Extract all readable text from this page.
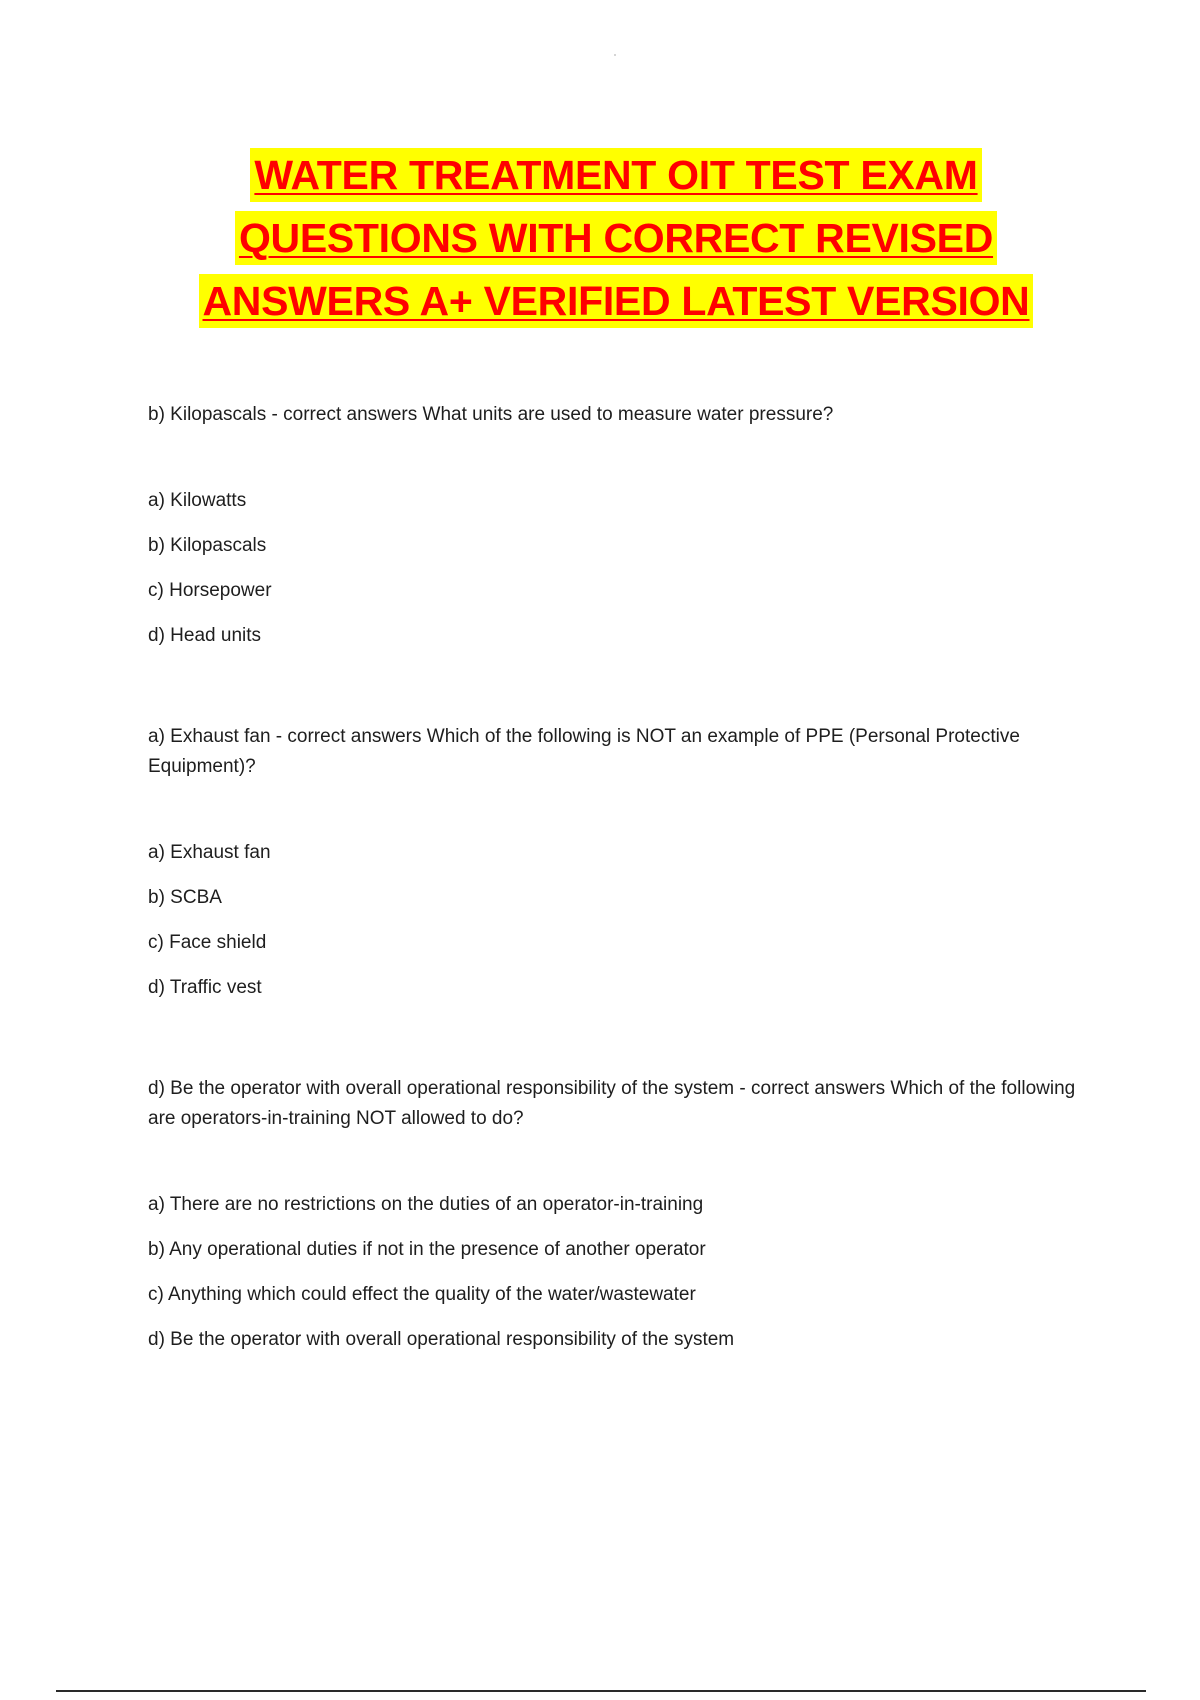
WATER TREATMENT OIT TEST EXAM
QUESTIONS WITH CORRECT REVISED
ANSWERS A+ VERIFIED LATEST VERSION

b) Kilopascals - correct answers What units are used to measure water pressure?

a) Kilowatts
b) Kilopascals
c) Horsepower
d) Head units

a) Exhaust fan - correct answers Which of the following is NOT an example of PPE (Personal Protective Equipment)?

a) Exhaust fan
b) SCBA
c) Face shield
d) Traffic vest

d) Be the operator with overall operational responsibility of the system - correct answers Which of the following are operators-in-training NOT allowed to do?

a) There are no restrictions on the duties of an operator-in-training
b) Any operational duties if not in the presence of another operator
c) Anything which could effect the quality of the water/wastewater
d) Be the operator with overall operational responsibility of the system
